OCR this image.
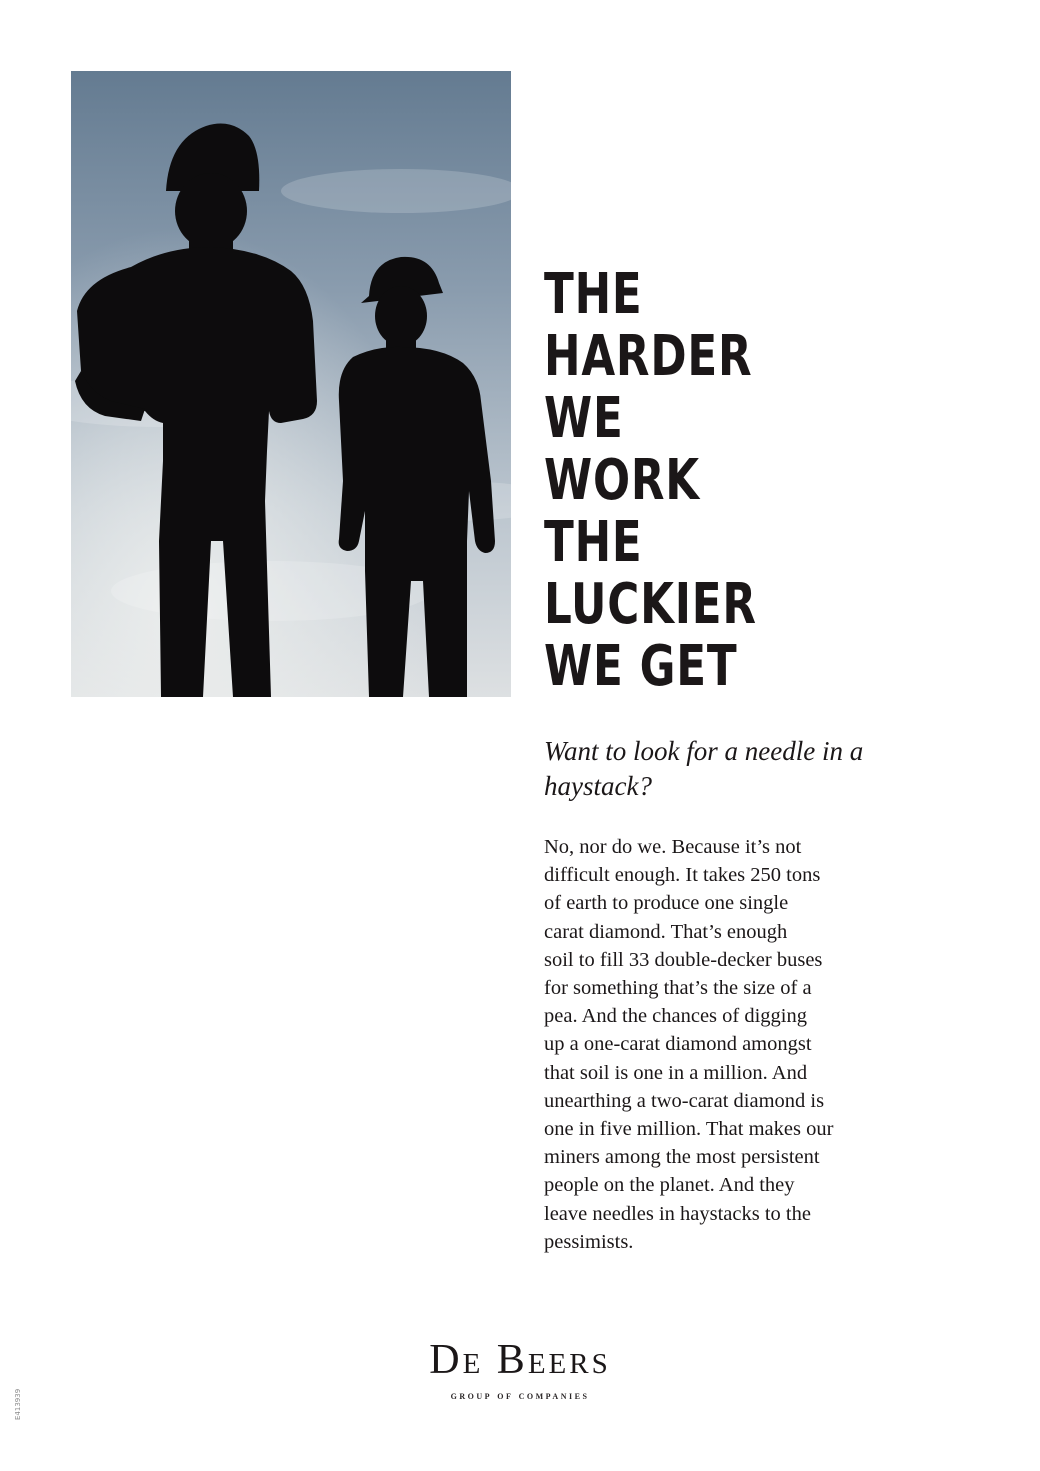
THE
HARDER
WE
WORK
THE
LUCKIER
WE GET
Want to look for a needle in a haystack?

No, nor do we. Because it’s not
difficult enough. It takes 250 tons
of earth to produce one single
carat diamond. That’s enough
soil to fill 33 double-decker buses
for something that’s the size of a
pea. And the chances of digging
up a one-carat diamond amongst
that soil is one in a million. And
unearthing a two-carat diamond is
one in five million. That makes our
miners among the most persistent
people on the planet. And they
leave needles in haystacks to the
pessimists.

De Beers
group of companies
E413939
